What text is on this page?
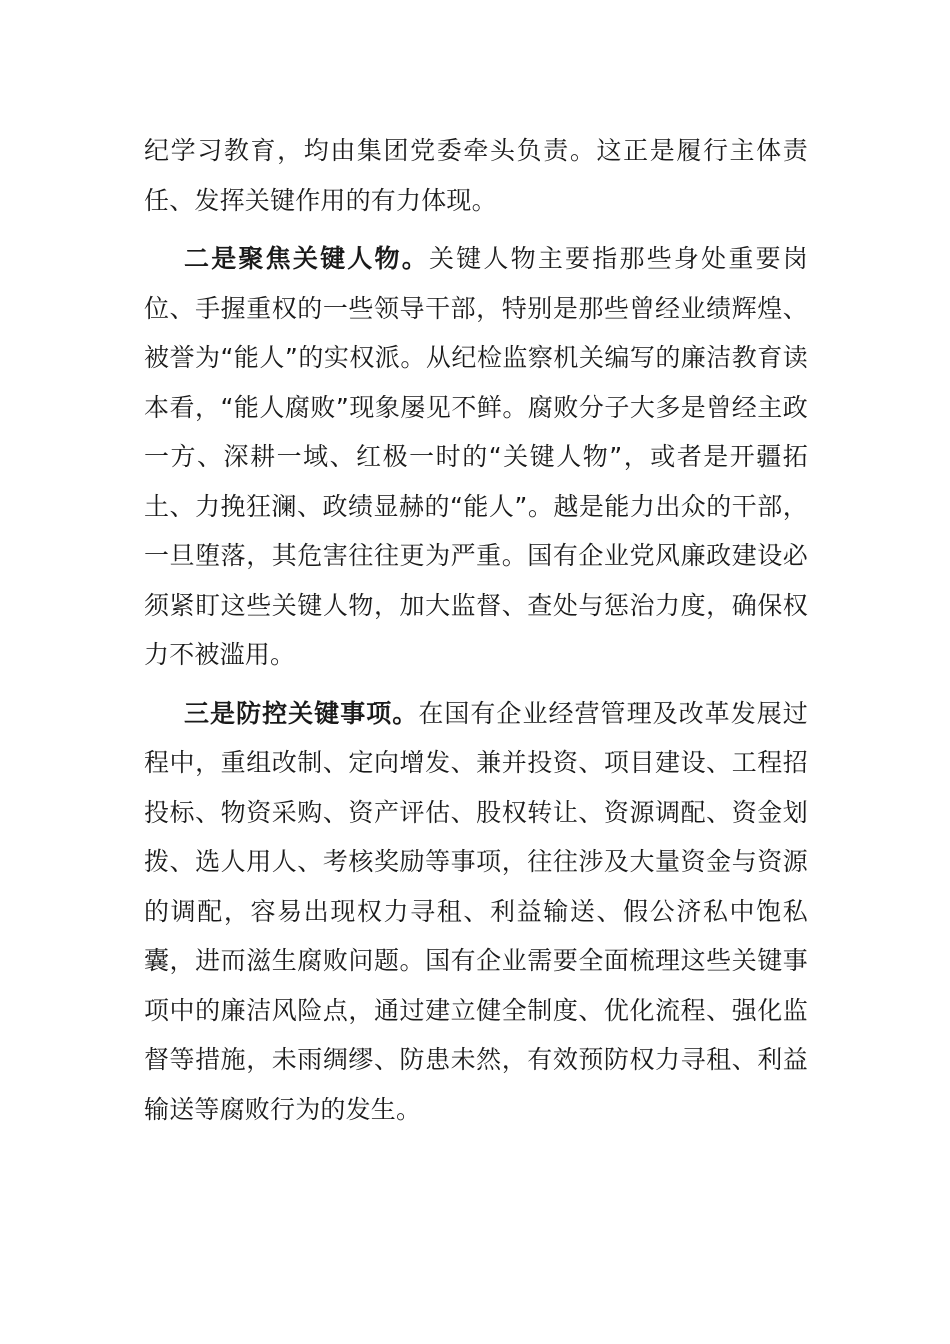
纪学习教育，均由集团党委牵头负责。这正是履行主体责任、发挥关键作用的有力体现。

二是聚焦关键人物。关键人物主要指那些身处重要岗位、手握重权的一些领导干部，特别是那些曾经业绩辉煌、被誉为“能人”的实权派。从纪检监察机关编写的廉洁教育读本看，“能人腐败”现象屡见不鲜。腐败分子大多是曾经主政一方、深耕一域、红极一时的“关键人物”，或者是开疆拓土、力挽狂澜、政绩显赫的“能人”。越是能力出众的干部，一旦堕落，其危害往往更为严重。国有企业党风廉政建设必须紧盯这些关键人物，加大监督、查处与惩治力度，确保权力不被滥用。

三是防控关键事项。在国有企业经营管理及改革发展过程中，重组改制、定向增发、兼并投资、项目建设、工程招投标、物资采购、资产评估、股权转让、资源调配、资金划拨、选人用人、考核奖励等事项，往往涉及大量资金与资源的调配，容易出现权力寻租、利益输送、假公济私中饱私囊，进而滋生腐败问题。国有企业需要全面梳理这些关键事项中的廉洁风险点，通过建立健全制度、优化流程、强化监督等措施，未雨绸缪、防患未然，有效预防权力寻租、利益输送等腐败行为的发生。
